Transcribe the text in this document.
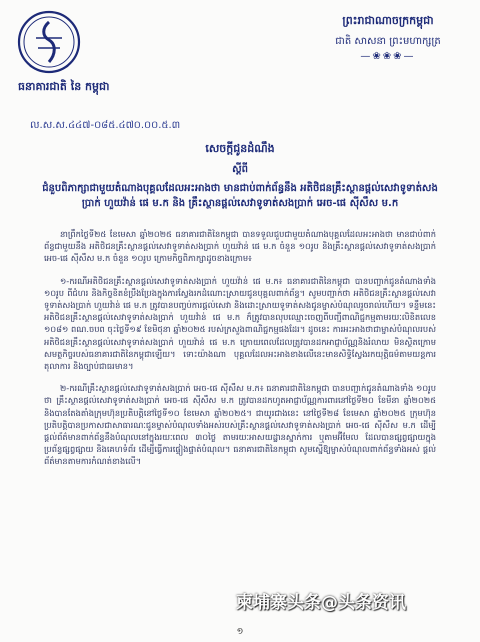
ធនាគារជាតិ នៃ កម្ពុជា
ល.ស.ស.៤៤៧-០៨៥.៤៧០.០០.៥.៣
ព្រះរាជាណាចក្រកម្ពុជា
ជាតិ សាសនា ព្រះមហាក្សត្រ
—❀❀❀—
សេចក្តីជូនដំណឹង
ស្តីពី
ជំនួបពិភាក្សាជាមួយតំណាងបុគ្គលដែលអះអាងថា មានជាប់ពាក់ព័ន្ធនឹង អតិថិជន​គ្រឹះស្ថានផ្តល់សេវាទូទាត់សងប្រាក់ ហួយវ៉ាន់ ផេ ម.ក និង គ្រឹះស្ថានផ្តល់សេវាទូទាត់សងប្រាក់ អេច-ផេ ស៊ីសឹស ម.ក

នាព្រឹកថ្ងៃទី២៥ ខែមេសា ឆ្នាំ២០២៥ ធនាគារជាតិនៃកម្ពុជា បានទទួលជួបជាមួយតំណាងបុគ្គលដែលអះអាងថា មានជាប់ពាក់ព័ន្ធជាមួយនឹង អតិថិជនគ្រឹះស្ថានផ្តល់សេវាទូទាត់សងប្រាក់ ហួយវ៉ាន់ ផេ ម.ក ចំនួន ១០រូប និងគ្រឹះស្ថានផ្តល់សេវាទូទាត់សងប្រាក់ អេច-ផេ ស៊ីសឹស ម.ក ចំនួន ១០រូប ក្រោមកិច្ចពិភាក្សាដូចខាងក្រោម៖

១-ករណីអតិថិជនគ្រឹះស្ថានផ្តល់សេវាទូទាត់សងប្រាក់ ហួយវ៉ាន់ ផេ ម.ក៖ ធនាគារជាតិនៃកម្ពុជា បានបញ្ជាក់ជូនតំណាងទាំង ១០រូប ពីជំហរ និងកិច្ចខិតខំប្រឹងប្រែងក្នុងការស្វែងរកដំណោះស្រាយជូនបុគ្គលពាក់ព័ន្ធ។ សូមបញ្ជាក់ថា អតិថិជនគ្រឹះស្ថានផ្តល់សេវាទូទាត់សងប្រាក់ ហួយវ៉ាន់ ផេ ម.ក ត្រូវបានបញ្ចប់ការផ្តល់សេវា និងដោះស្រាយទូទាត់សងជូនម្ចាស់បំណុលរួចរាល់ហើយ។ ទន្ទឹមនេះ អតិថិជនគ្រឹះស្ថានផ្តល់សេវាទូទាត់សងប្រាក់ ហួយវ៉ាន់ ផេ ម.ក ក៏ត្រូវបានលុបឈ្មោះចេញពីបញ្ជីពាណិជ្ជកម្មតាមរយៈលិខិតលេខ ១០៨១ ពណ.ចបព ចុះថ្ងៃទី១៩ ខែមិថុនា ឆ្នាំ២០២៥ របស់ក្រសួងពាណិជ្ជកម្មផងដែរ។ ដូចនេះ ការអះអាងថាជាម្ចាស់បំណុលរបស់អតិថិជនគ្រឹះស្ថានផ្តល់សេវាទូទាត់សងប្រាក់ ហួយវ៉ាន់ ផេ ម.ក ក្រោយពេលដែលត្រូវបានដកអាជ្ញាប័ណ្ណនិងរំលាយ មិនស្ថិតក្រោមសមត្ថកិច្ចរបស់ធនាគារជាតិនៃកម្ពុជាឡើយ។ ទោះយ៉ាងណា បុគ្គលដែលអះអាងខាងលើនេះមានសិទ្ធិស្វែងរកយុត្តិធម៌តាមយន្តការតុលាការ និងច្បាប់ជាធរមាន។

២-ករណីគ្រឹះស្ថានផ្តល់សេវាទូទាត់សងប្រាក់ អេច-ផេ ស៊ីសឹស ម.ក៖ ធនាគារជាតិនៃកម្ពុជា បានបញ្ជាក់ជូនតំណាងទាំង ១០រូប ថា គ្រឹះស្ថានផ្តល់សេវាទូទាត់សងប្រាក់ អេច-ផេ ស៊ីសឹស ម.ក ត្រូវបានដកហូតអាជ្ញាប័ណ្ណការពារនៅថ្ងៃទី២០ ខែមីនា ឆ្នាំ២០២៥ និងបានតែងតាំងក្រុមហ៊ុនប្រតិបត្តិនៅថ្ងៃទី១០ ខែមេសា ឆ្នាំ២០២៥។ ជាយូរជាងនេះ នៅថ្ងៃទី២៨ ខែមេសា ឆ្នាំ២០២៥ ក្រុមហ៊ុនប្រតិបត្តិបានប្រកាសជាសាធារណៈជូនម្ចាស់បំណុលទាំងអស់របស់គ្រឹះស្ថានផ្តល់សេវាទូទាត់សងប្រាក់ អេច-ផេ ស៊ីសឹស ម.ក ដើម្បីផ្តល់ព័ត៌មានពាក់ព័ន្ធនឹងបំណុលនៅក្នុងរយៈពេល ៣០ថ្ងៃ តាមរយៈអាសយដ្ឋានស្នាក់ការ ឬតាមអ៊ីមែល ដែលបានផ្សព្វផ្សាយក្នុងប្រព័ន្ធផ្សព្វផ្សាយ និងគេហទំព័រ ដើម្បីធ្វើការផ្ទៀងផ្ទាត់បំណុល។ ធនាគារជាតិនៃកម្ពុជា សូមស្នើឱ្យម្ចាស់បំណុលពាក់ព័ន្ធទាំងអស់ ផ្តល់ព័ត៌មានតាមការកំណត់ខាងលើ។

柬埔寨头条@头条资讯
១
